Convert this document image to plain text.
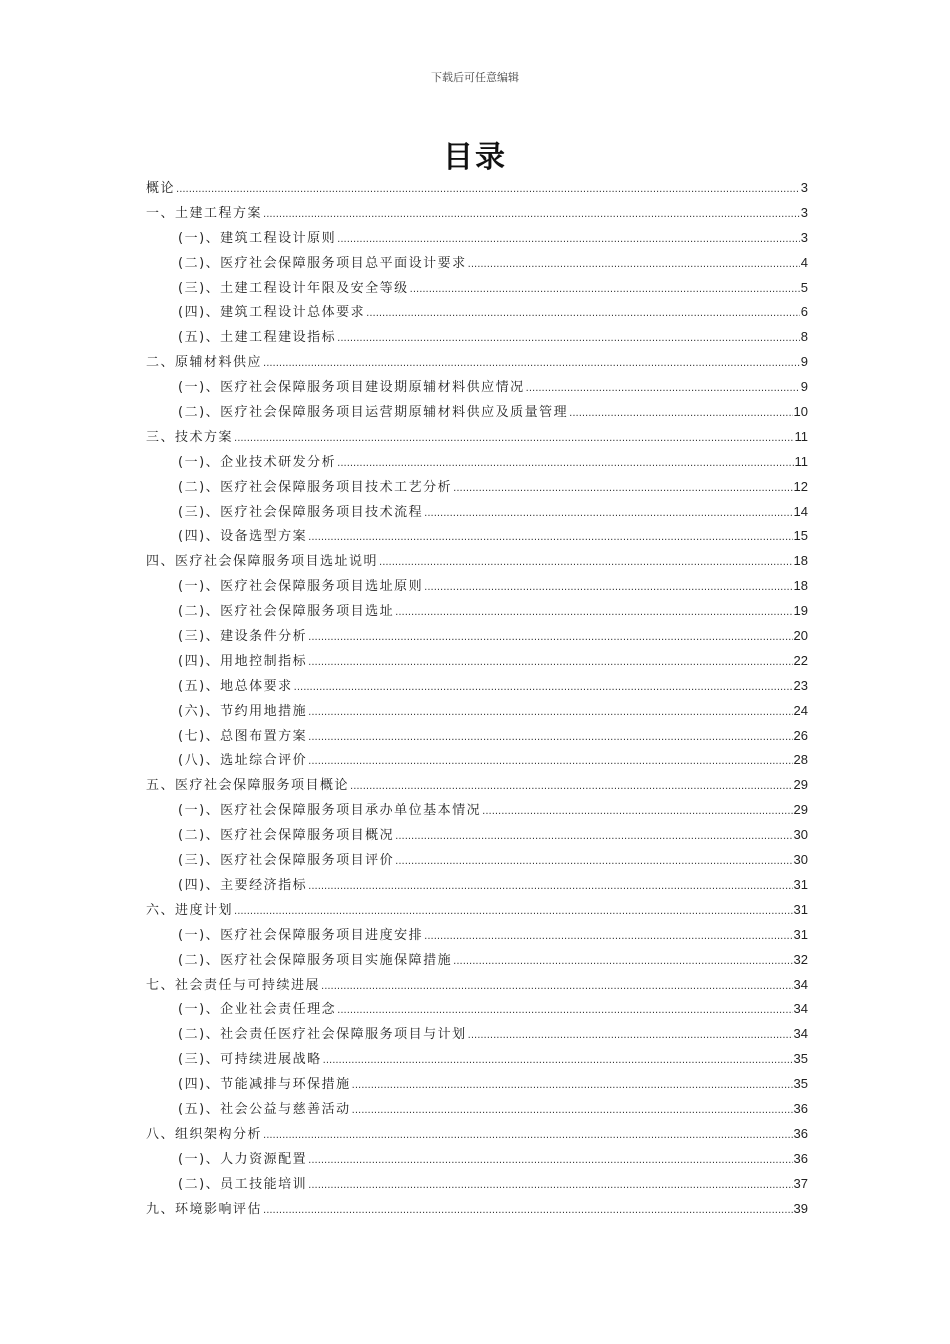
下载后可任意编辑
目录
概论 .....	3
一、土建工程方案 .....	3
(一)、建筑工程设计原则 .....	3
(二)、医疗社会保障服务项目总平面设计要求 .....	4
(三)、土建工程设计年限及安全等级 .....	5
(四)、建筑工程设计总体要求 .....	6
(五)、土建工程建设指标 .....	8
二、原辅材料供应 .....	9
(一)、医疗社会保障服务项目建设期原辅材料供应情况 .....	9
(二)、医疗社会保障服务项目运营期原辅材料供应及质量管理 .....	10
三、技术方案 .....	11
(一)、企业技术研发分析 .....	11
(二)、医疗社会保障服务项目技术工艺分析 .....	12
(三)、医疗社会保障服务项目技术流程 .....	14
(四)、设备选型方案 .....	15
四、医疗社会保障服务项目选址说明 .....	18
(一)、医疗社会保障服务项目选址原则 .....	18
(二)、医疗社会保障服务项目选址 .....	19
(三)、建设条件分析 .....	20
(四)、用地控制指标 .....	22
(五)、地总体要求 .....	23
(六)、节约用地措施 .....	24
(七)、总图布置方案 .....	26
(八)、选址综合评价 .....	28
五、医疗社会保障服务项目概论 .....	29
(一)、医疗社会保障服务项目承办单位基本情况 .....	29
(二)、医疗社会保障服务项目概况 .....	30
(三)、医疗社会保障服务项目评价 .....	30
(四)、主要经济指标 .....	31
六、进度计划 .....	31
(一)、医疗社会保障服务项目进度安排 .....	31
(二)、医疗社会保障服务项目实施保障措施 .....	32
七、社会责任与可持续进展 .....	34
(一)、企业社会责任理念 .....	34
(二)、社会责任医疗社会保障服务项目与计划 .....	34
(三)、可持续进展战略 .....	35
(四)、节能减排与环保措施 .....	35
(五)、社会公益与慈善活动 .....	36
八、组织架构分析 .....	36
(一)、人力资源配置 .....	36
(二)、员工技能培训 .....	37
九、环境影响评估 .....	39
